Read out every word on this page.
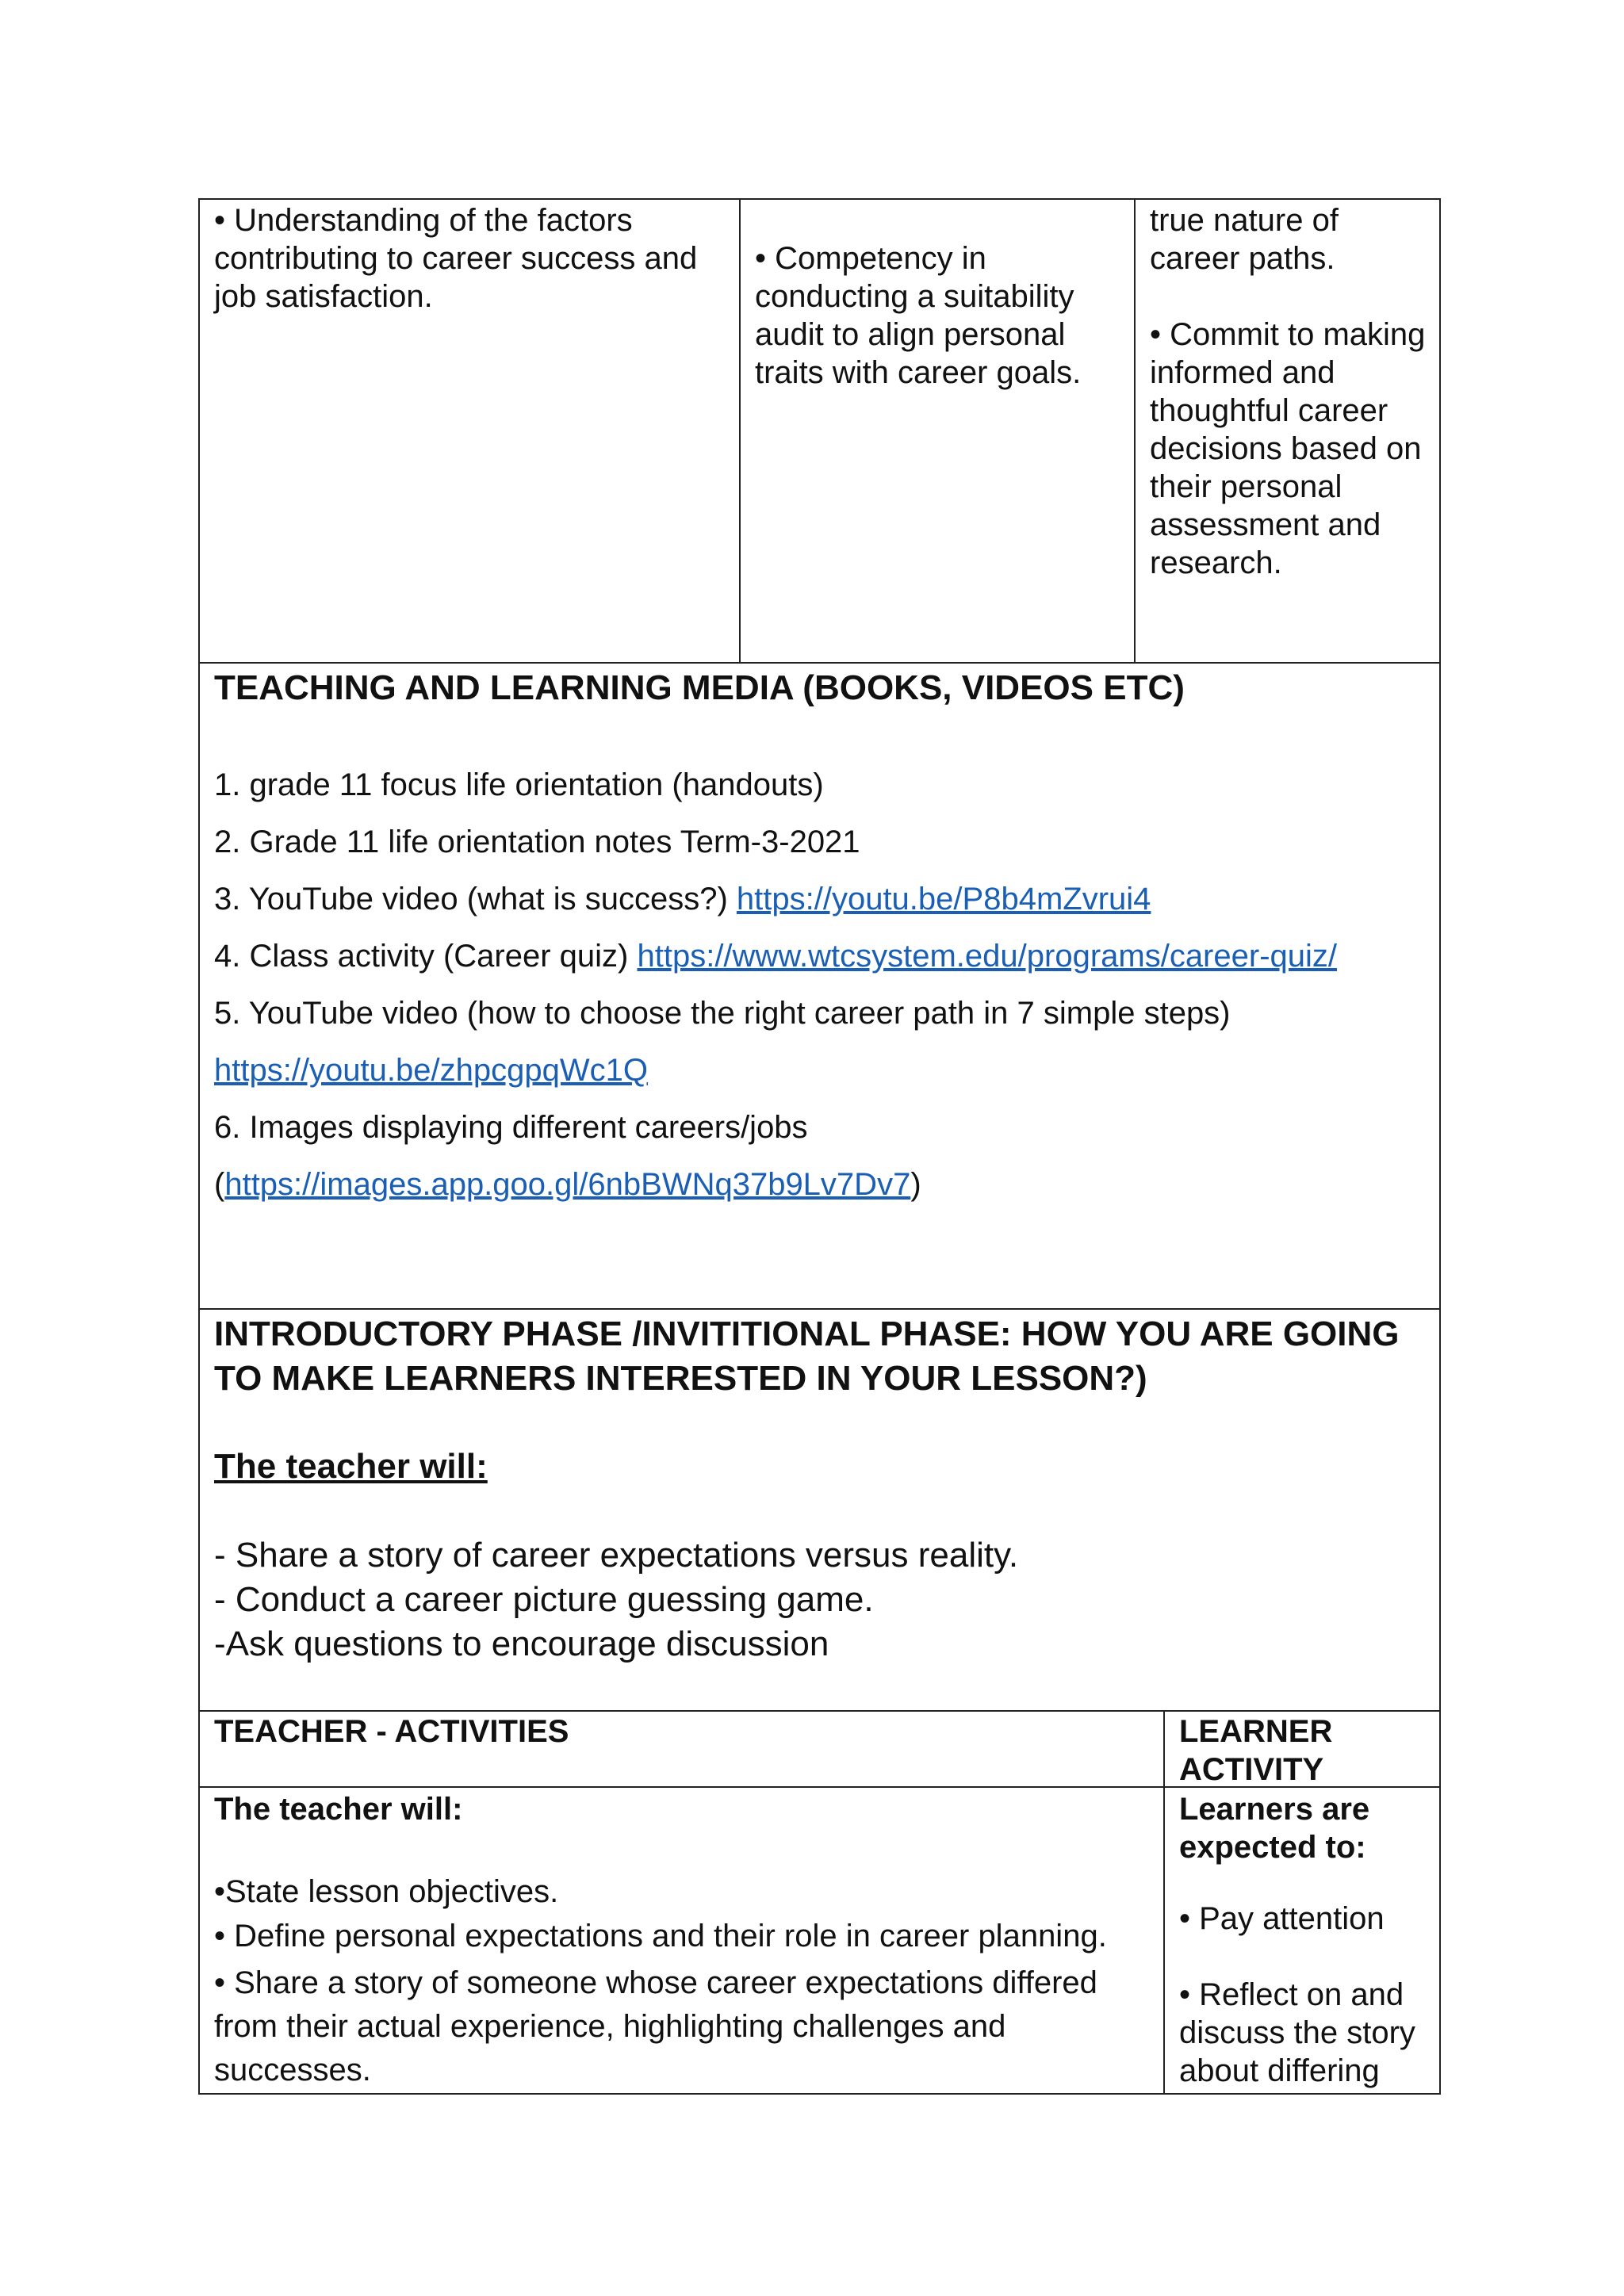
• Understanding of the factors contributing to career success and job satisfaction.
• Competency in conducting a suitability audit to align personal traits with career goals.
true nature of career paths.
• Commit to making informed and thoughtful career decisions based on their personal assessment and research.
TEACHING AND LEARNING MEDIA (BOOKS, VIDEOS ETC)
1. grade 11 focus life orientation (handouts)
2. Grade 11 life orientation notes Term-3-2021
3. YouTube video (what is success?) https://youtu.be/P8b4mZvrui4
4. Class activity (Career quiz) https://www.wtcsystem.edu/programs/career-quiz/
5. YouTube video (how to choose the right career path in 7 simple steps)
https://youtu.be/zhpcgpqWc1Q
6. Images displaying different careers/jobs
(https://images.app.goo.gl/6nbBWNq37b9Lv7Dv7)
INTRODUCTORY PHASE /INVITITIONAL PHASE: HOW YOU ARE GOING TO MAKE LEARNERS INTERESTED IN YOUR LESSON?)
The teacher will:
- Share a story of career expectations versus reality.
- Conduct a career picture guessing game.
-Ask questions to encourage discussion
TEACHER - ACTIVITIES	LEARNER ACTIVITY
The teacher will:
•State lesson objectives.
• Define personal expectations and their role in career planning.
• Share a story of someone whose career expectations differed from their actual experience, highlighting challenges and successes.
Learners are expected to:
• Pay attention
• Reflect on and discuss the story about differing
